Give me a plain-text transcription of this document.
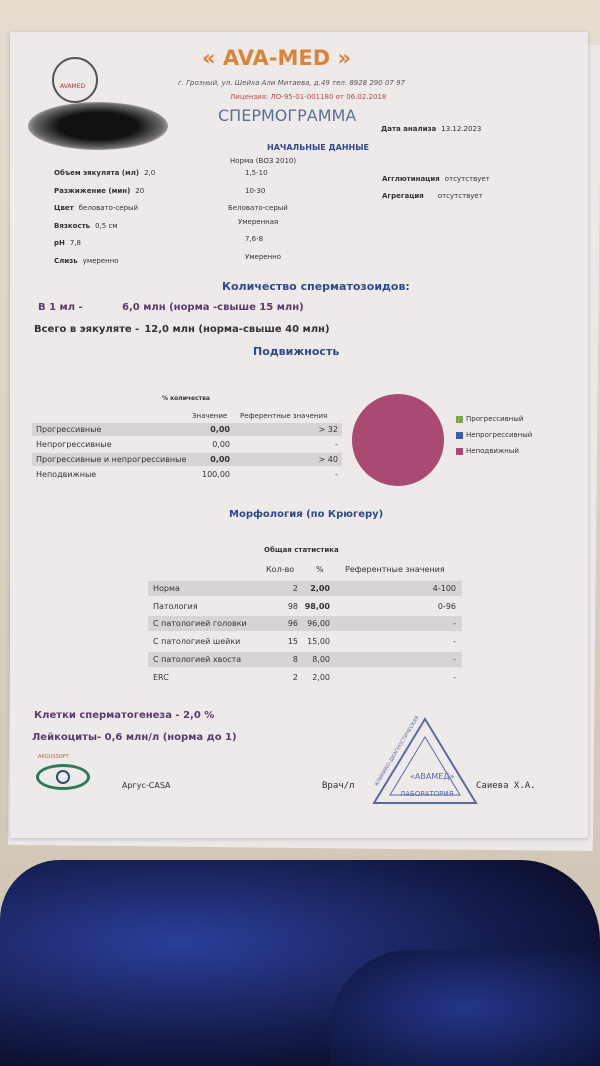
AVAMED
« AVA-MED »
г. Грозный, ул. Шейха Али Митаева, д.49 тел. 8928 290 07 97
Лицензия: ЛО-95-01-001180 от 06.02.2018
СПЕРМОГРАММА
Дата анализа 13.12.2023
НАЧАЛЬНЫЕ ДАННЫЕ
Норма (ВОЗ 2010)
Объем эякулята (мл) 2,0	1,5-10
Разжижение (мин) 20	10-30
Цвет беловато-серый	Беловато-серый
Вязкость 0,5 см	Умеренная
pH 7,8	7,6-8
Слизь умеренно	Умеренно
Агглютинация отсутствует
Агрегация отсутствует
Количество сперматозоидов:
В 1 мл -	6,0 млн (норма -свыше 15 млн)
Всего в эякуляте - 12,0 млн (норма-свыше 40 млн)
Подвижность
% количества
Значение Референтные значения
Прогрессивные	0,00	> 32
Непрогрессивные	0,00	-
Прогрессивные и непрогрессивные	0,00	> 40
Неподвижные	100,00	-
Прогрессивный
Непрогрессивный
Неподвижный
Морфология (по Крюгеру)
Общая статистика
Кол-во	%	Референтные значения
Норма	2 2,00	4-100
Патология	98 98,00	0-96
С патологией головки	96 96,00	-
С патологией шейки	15 15,00	-
С патологией хвоста	8 8,00	-
ERC	2 2,00	-
Клетки сперматогенеза - 2,0 %
Лейкоциты- 0,6 млн/л (норма до 1)
ARGUSSOFT
Аргус-CASA	Врач/л	Саиева Х.А.
КЛИНИКО-ДИАГНОСТИЧЕСКАЯ
«АВАМЕД»
ЛАБОРАТОРИЯ
